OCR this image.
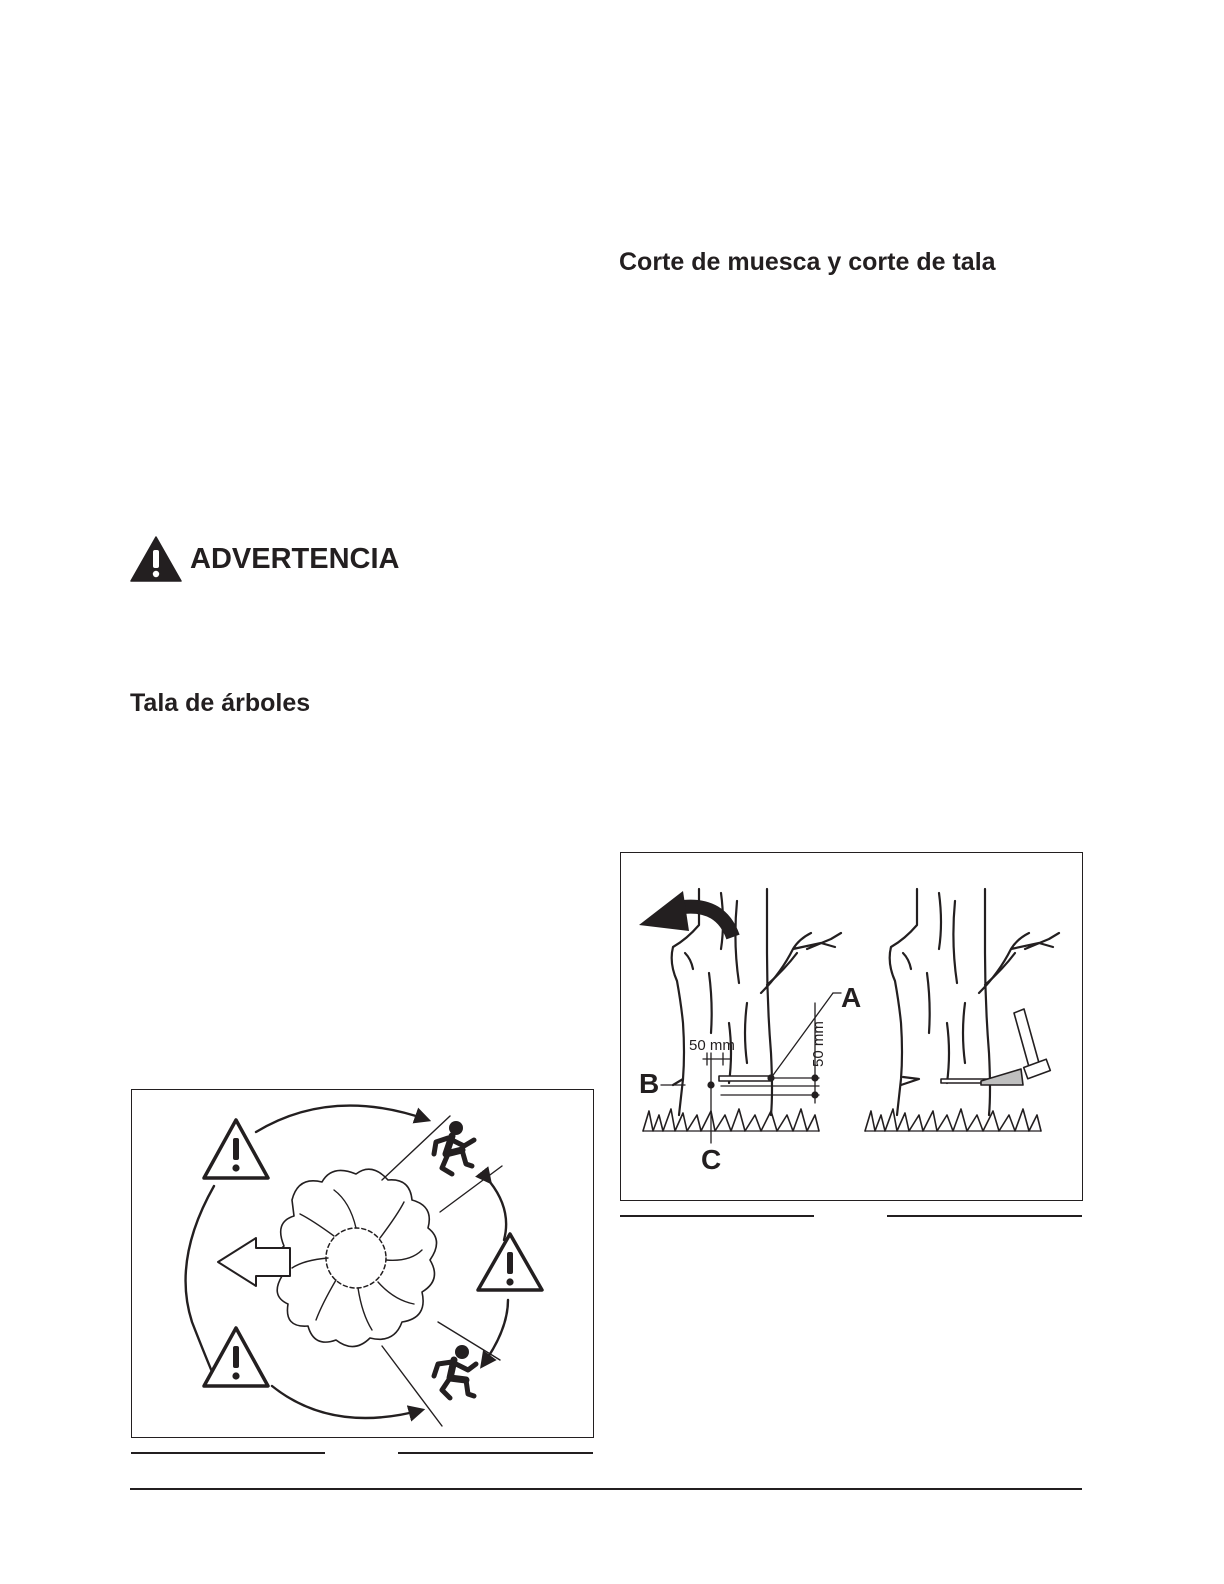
Corte de muesca y corte de tala
ADVERTENCIA
Tala de árboles
A
B
C
50 mm	50 mm
